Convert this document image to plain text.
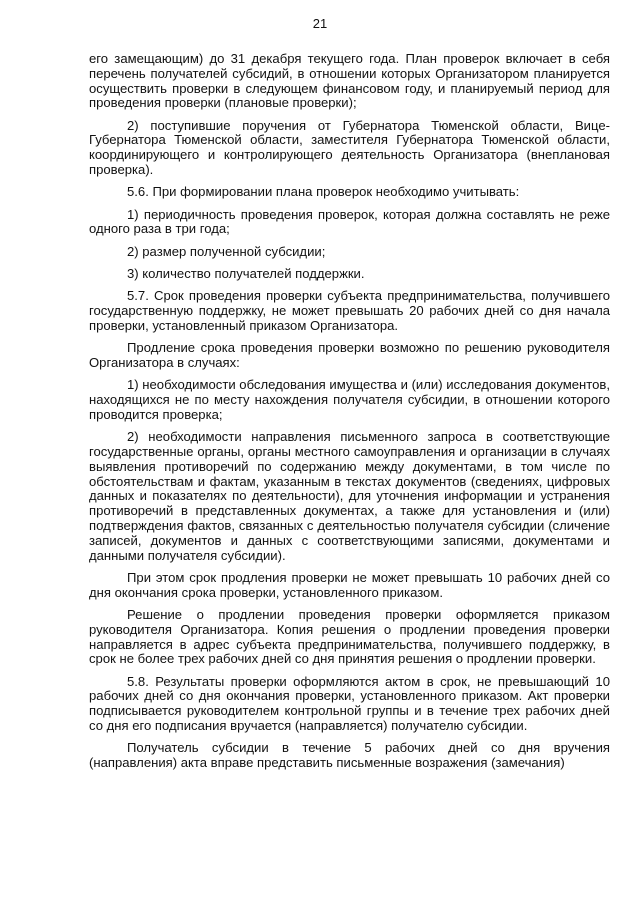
21

его замещающим) до 31 декабря текущего года. План проверок включает в себя перечень получателей субсидий, в отношении которых Организатором планируется осуществить проверки в следующем финансовом году, и планируемый период для проведения проверки (плановые проверки);

2) поступившие поручения от Губернатора Тюменской области, Вице-Губернатора Тюменской области, заместителя Губернатора Тюменской области, координирующего и контролирующего деятельность Организатора (внеплановая проверка).

5.6. При формировании плана проверок необходимо учитывать:

1) периодичность проведения проверок, которая должна составлять не реже одного раза в три года;

2) размер полученной субсидии;

3) количество получателей поддержки.

5.7. Срок проведения проверки субъекта предпринимательства, получившего государственную поддержку, не может превышать 20 рабочих дней со дня начала проверки, установленный приказом Организатора.

Продление срока проведения проверки возможно по решению руководителя Организатора в случаях:

1) необходимости обследования имущества и (или) исследования документов, находящихся не по месту нахождения получателя субсидии, в отношении которого проводится проверка;

2) необходимости направления письменного запроса в соответствующие государственные органы, органы местного самоуправления и организации в случаях выявления противоречий по содержанию между документами, в том числе по обстоятельствам и фактам, указанным в текстах документов (сведениях, цифровых данных и показателях по деятельности), для уточнения информации и устранения противоречий в представленных документах, а также для установления и (или) подтверждения фактов, связанных с деятельностью получателя субсидии (сличение записей, документов и данных с соответствующими записями, документами и данными получателя субсидии).

При этом срок продления проверки не может превышать 10 рабочих дней со дня окончания срока проверки, установленного приказом.

Решение о продлении проведения проверки оформляется приказом руководителя Организатора. Копия решения о продлении проведения проверки направляется в адрес субъекта предпринимательства, получившего поддержку, в срок не более трех рабочих дней со дня принятия решения о продлении проверки.

5.8. Результаты проверки оформляются актом в срок, не превышающий 10 рабочих дней со дня окончания проверки, установленного приказом. Акт проверки подписывается руководителем контрольной группы и в течение трех рабочих дней со дня его подписания вручается (направляется) получателю субсидии.

Получатель субсидии в течение 5 рабочих дней со дня вручения (направления) акта вправе представить письменные возражения (замечания)
